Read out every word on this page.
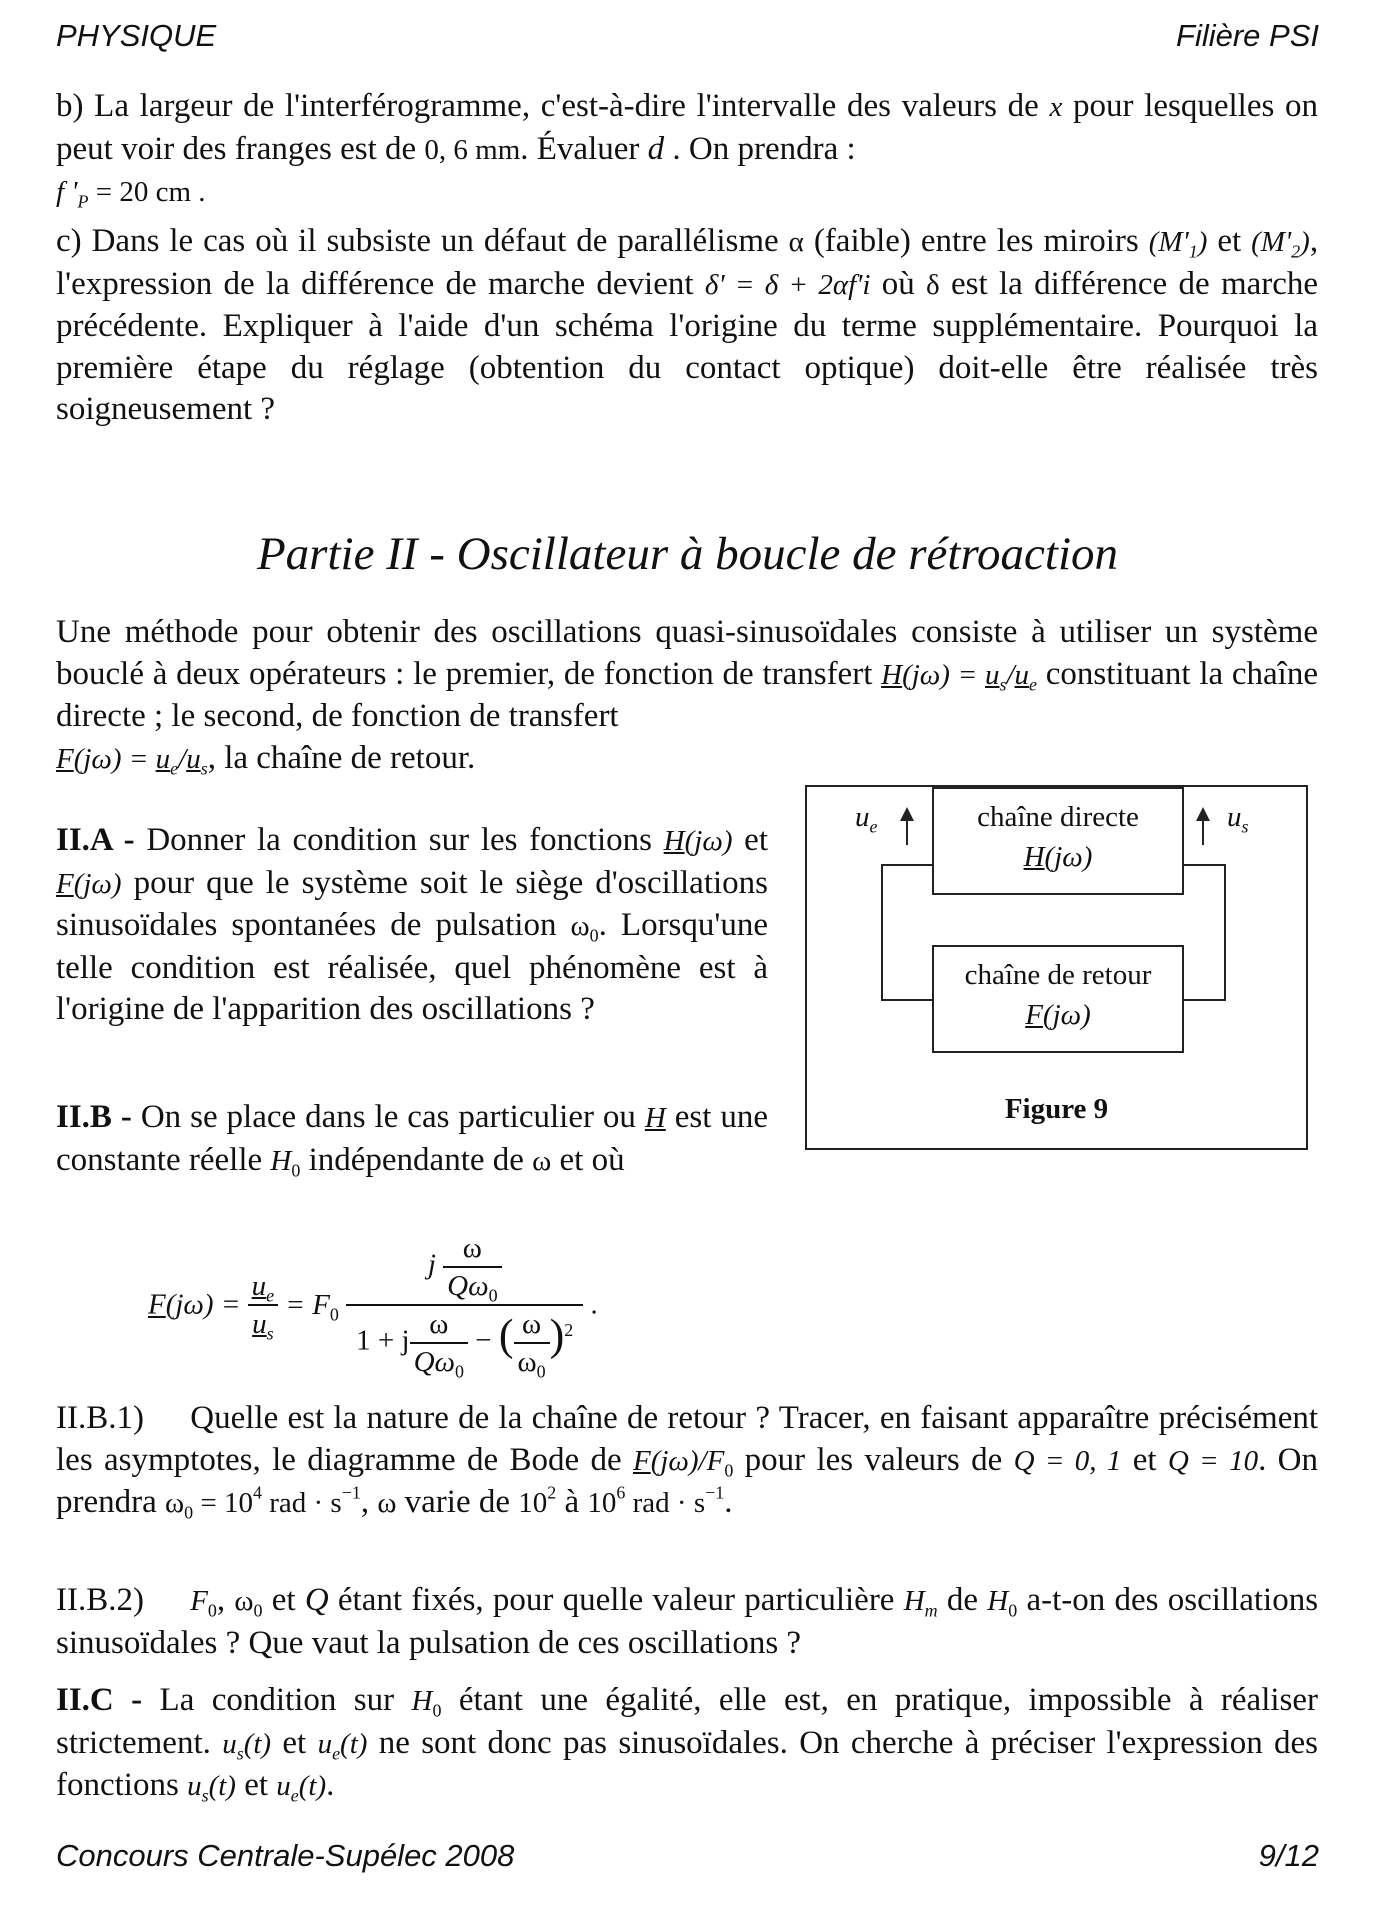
PHYSIQUE	Filière PSI
b) La largeur de l'interférogramme, c'est-à-dire l'intervalle des valeurs de x pour lesquelles on peut voir des franges est de 0, 6 mm. Évaluer d . On prendra :
f '$_P = 20$ cm .
c) Dans le cas où il subsiste un défaut de parallélisme α (faible) entre les miroirs $(M'_1)$ et $(M'_2)$, l'expression de la différence de marche devient δ' = δ + 2αf'i où δ est la différence de marche précédente. Expliquer à l'aide d'un schéma l'origine du terme supplémentaire. Pourquoi la première étape du réglage (obtention du contact optique) doit-elle être réalisée très soigneusement ?
Partie II - Oscillateur à boucle de rétroaction
Une méthode pour obtenir des oscillations quasi-sinusoïdales consiste à utiliser un système bouclé à deux opérateurs : le premier, de fonction de transfert $H(j\omega) = u_s/u_e$ constituant la chaîne directe ; le second, de fonction de transfert
$F(j\omega) = u_e/u_s$, la chaîne de retour.
chaîne directe
H(jω)
chaîne de retour
F(jω)
$u_e$	$u_s$
Figure 9
II.A - Donner la condition sur les fonctions H(jω) et F(jω) pour que le système soit le siège d'oscillations sinusoïdales spontanées de pulsation $\omega_0$. Lorsqu'une telle condition est réalisée, quel phénomène est à l'origine de l'apparition des oscillations ?
II.B - On se place dans le cas particulier ou H est une constante réelle $H_0$ indépendante de ω et où
$F(j\omega) = \frac{u_e}{u_s} = F_0 \frac{j \frac{\omega}{Q\omega_0}}{1 + j \frac{\omega}{Q\omega_0} - ( \frac{\omega}{\omega_0} )^2}$ .
II.B.1) Quelle est la nature de la chaîne de retour ? Tracer, en faisant apparaître précisément les asymptotes, le diagramme de Bode de $F(j\omega)/F_0$ pour les valeurs de Q = 0, 1 et Q = 10. On prendra $\omega_0 = 10^4$ rad · $s^{-1}$, ω varie de $10^2$ à $10^6$ rad · $s^{-1}$.
II.B.2) $F_0$, $\omega_0$ et Q étant fixés, pour quelle valeur particulière $H_m$ de $H_0$ a-t-on des oscillations sinusoïdales ? Que vaut la pulsation de ces oscillations ?
II.C - La condition sur $H_0$ étant une égalité, elle est, en pratique, impossible à réaliser strictement. $u_s(t)$ et $u_e(t)$ ne sont donc pas sinusoïdales. On cherche à préciser l'expression des fonctions $u_s(t)$ et $u_e(t)$.
Concours Centrale-Supélec 2008	9/12
